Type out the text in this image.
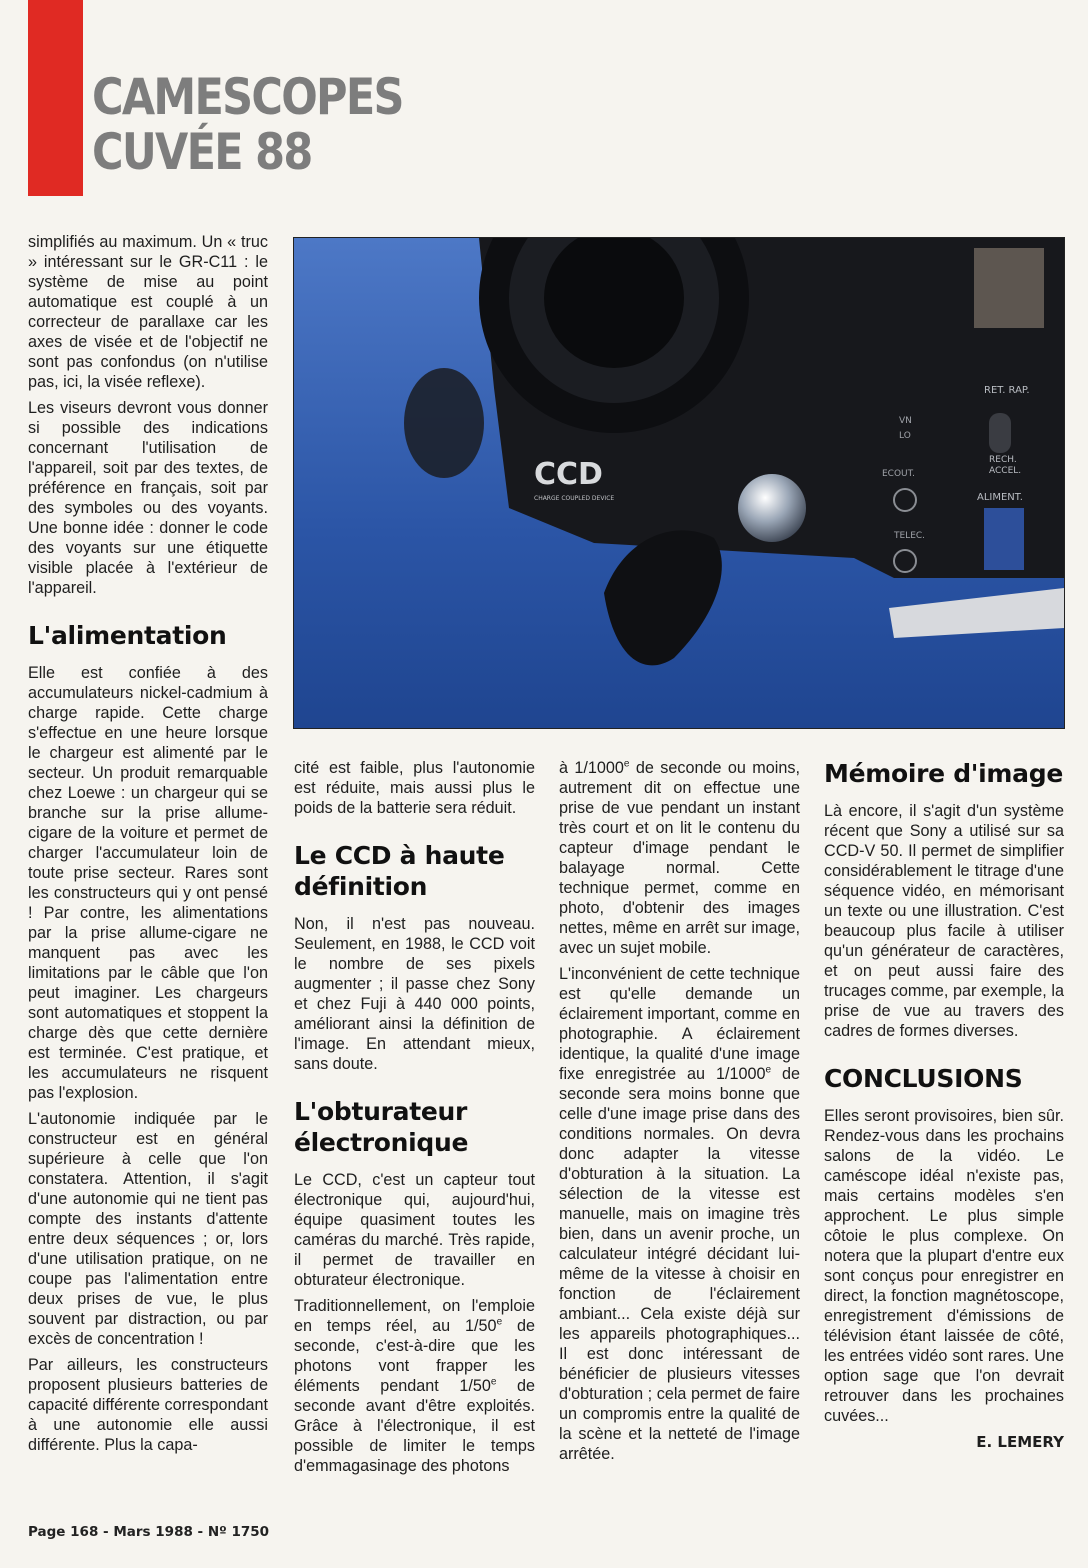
CAMESCOPES
CUVÉE 88

simplifiés au maximum. Un « truc » intéressant sur le GR-C11 : le système de mise au point automatique est couplé à un correcteur de parallaxe car les axes de visée et de l'objectif ne sont pas confondus (on n'utilise pas, ici, la visée reflexe).

Les viseurs devront vous donner si possible des indications concernant l'utilisation de l'appareil, soit par des textes, de préférence en français, soit par des symboles ou des voyants. Une bonne idée : donner le code des voyants sur une étiquette visible placée à l'extérieur de l'appareil.

L'alimentation

Elle est confiée à des accumulateurs nickel-cadmium à charge rapide. Cette charge s'effectue en une heure lorsque le chargeur est alimenté par le secteur. Un produit remarquable chez Loewe : un chargeur qui se branche sur la prise allume-cigare de la voiture et permet de charger l'accumulateur loin de toute prise secteur. Rares sont les constructeurs qui y ont pensé ! Par contre, les alimentations par la prise allume-cigare ne manquent pas avec les limitations par le câble que l'on peut imaginer. Les chargeurs sont automatiques et stoppent la charge dès que cette dernière est terminée. C'est pratique, et les accumulateurs ne risquent pas l'explosion.

L'autonomie indiquée par le constructeur est en général supérieure à celle que l'on constatera. Attention, il s'agit d'une autonomie qui ne tient pas compte des instants d'attente entre deux séquences ; or, lors d'une utilisation pratique, on ne coupe pas l'alimentation entre deux prises de vue, le plus souvent par distraction, ou par excès de concentration !

Par ailleurs, les constructeurs proposent plusieurs batteries de capacité différente correspondant à une autonomie elle aussi différente. Plus la capa-

CCD
CHARGE COUPLED DEVICE
RET. RAP.
VN
LO
RECH.
ACCEL.
ECOUT.
ALIMENT.
TELEC.

cité est faible, plus l'autonomie est réduite, mais aussi plus le poids de la batterie sera réduit.

Le CCD à haute définition

Non, il n'est pas nouveau. Seulement, en 1988, le CCD voit le nombre de ses pixels augmenter ; il passe chez Sony et chez Fuji à 440 000 points, améliorant ainsi la définition de l'image. En attendant mieux, sans doute.

L'obturateur électronique

Le CCD, c'est un capteur tout électronique qui, aujourd'hui, équipe quasiment toutes les caméras du marché. Très rapide, il permet de travailler en obturateur électronique.

Traditionnellement, on l'emploie en temps réel, au 1/50e de seconde, c'est-à-dire que les photons vont frapper les éléments pendant 1/50e de seconde avant d'être exploités. Grâce à l'électronique, il est possible de limiter le temps d'emmagasinage des photons

à 1/1000e de seconde ou moins, autrement dit on effectue une prise de vue pendant un instant très court et on lit le contenu du capteur d'image pendant le balayage normal. Cette technique permet, comme en photo, d'obtenir des images nettes, même en arrêt sur image, avec un sujet mobile.

L'inconvénient de cette technique est qu'elle demande un éclairement important, comme en photographie. A éclairement identique, la qualité d'une image fixe enregistrée au 1/1000e de seconde sera moins bonne que celle d'une image prise dans des conditions normales. On devra donc adapter la vitesse d'obturation à la situation. La sélection de la vitesse est manuelle, mais on imagine très bien, dans un avenir proche, un calculateur intégré décidant lui-même de la vitesse à choisir en fonction de l'éclairement ambiant... Cela existe déjà sur les appareils photographiques... Il est donc intéressant de bénéficier de plusieurs vitesses d'obturation ; cela permet de faire un compromis entre la qualité de la scène et la netteté de l'image arrêtée.

Mémoire d'image

Là encore, il s'agit d'un système récent que Sony a utilisé sur sa CCD-V 50. Il permet de simplifier considérablement le titrage d'une séquence vidéo, en mémorisant un texte ou une illustration. C'est beaucoup plus facile à utiliser qu'un générateur de caractères, et on peut aussi faire des trucages comme, par exemple, la prise de vue au travers des cadres de formes diverses.

CONCLUSIONS

Elles seront provisoires, bien sûr. Rendez-vous dans les prochains salons de la vidéo. Le caméscope idéal n'existe pas, mais certains modèles s'en approchent. Le plus simple côtoie le plus complexe. On notera que la plupart d'entre eux sont conçus pour enregistrer en direct, la fonction magnétoscope, enregistrement d'émissions de télévision étant laissée de côté, les entrées vidéo sont rares. Une option sage que l'on devrait retrouver dans les prochaines cuvées...

E. LEMERY
Page 168 - Mars 1988 - Nº 1750
